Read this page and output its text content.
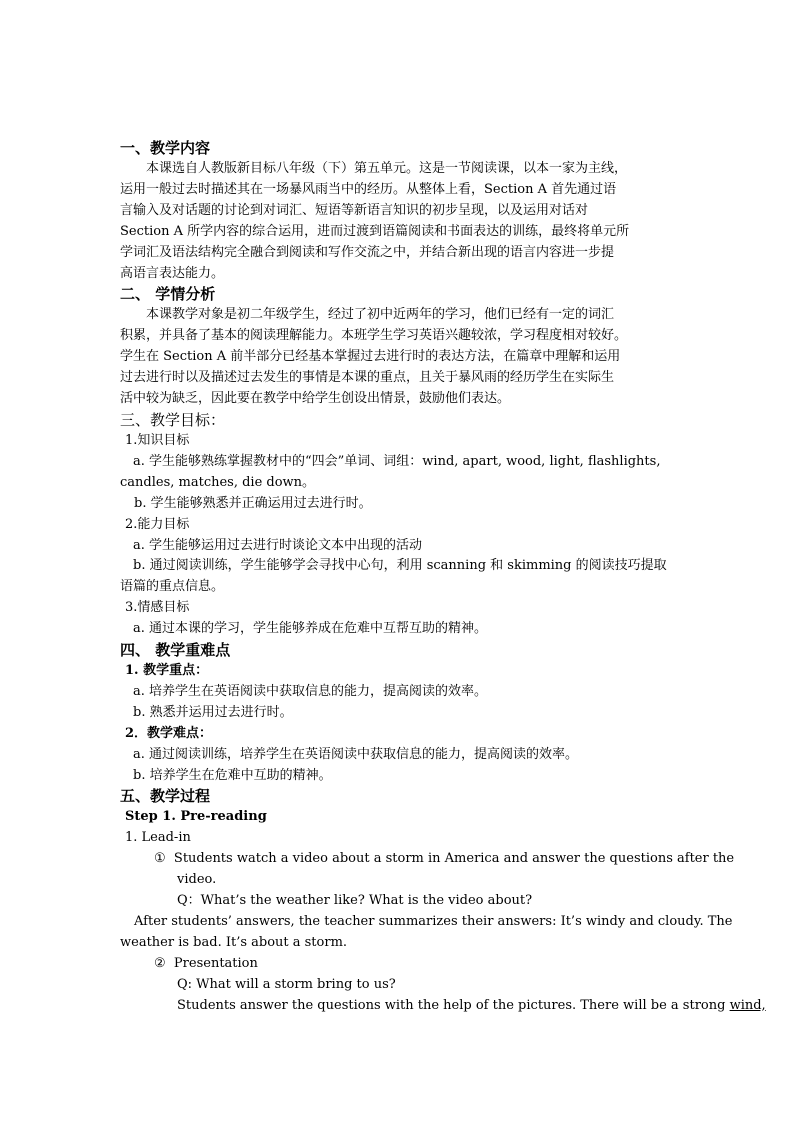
一、教学内容
本课选自人教版新目标八年级（下）第五单元。这是一节阅读课，以本一家为主线，
运用一般过去时描述其在一场暴风雨当中的经历。从整体上看，Section A 首先通过语
言输入及对话题的讨论到对词汇、短语等新语言知识的初步呈现，以及运用对话对
Section A 所学内容的综合运用，进而过渡到语篇阅读和书面表达的训练，最终将单元所
学词汇及语法结构完全融合到阅读和写作交流之中，并结合新出现的语言内容进一步提
高语言表达能力。
二、 学情分析
本课教学对象是初二年级学生，经过了初中近两年的学习，他们已经有一定的词汇
积累，并具备了基本的阅读理解能力。本班学生学习英语兴趣较浓，学习程度相对较好。
学生在 Section A 前半部分已经基本掌握过去进行时的表达方法，在篇章中理解和运用
过去进行时以及描述过去发生的事情是本课的重点，且关于暴风雨的经历学生在实际生
活中较为缺乏，因此要在教学中给学生创设出情景，鼓励他们表达。
三、教学目标：
1.知识目标
a. 学生能够熟练掌握教材中的“四会”单词、词组：wind, apart, wood, light, flashlights,
candles, matches, die down。
b. 学生能够熟悉并正确运用过去进行时。
2.能力目标
a. 学生能够运用过去进行时谈论文本中出现的活动
b. 通过阅读训练，学生能够学会寻找中心句，利用 scanning 和 skimming 的阅读技巧提取
语篇的重点信息。
3.情感目标
a. 通过本课的学习，学生能够养成在危难中互帮互助的精神。
四、 教学重难点
1. 教学重点：
a. 培养学生在英语阅读中获取信息的能力，提高阅读的效率。
b. 熟悉并运用过去进行时。
2．教学难点：
a. 通过阅读训练，培养学生在英语阅读中获取信息的能力，提高阅读的效率。
b. 培养学生在危难中互助的精神。
五、教学过程
Step 1. Pre-reading
1. Lead-in
① Students watch a video about a storm in America and answer the questions after the
video.
Q：What’s the weather like? What is the video about?
After students’ answers, the teacher summarizes their answers: It’s windy and cloudy. The
weather is bad. It’s about a storm.
② Presentation
Q: What will a storm bring to us?
Students answer the questions with the help of the pictures. There will be a strong wind,
